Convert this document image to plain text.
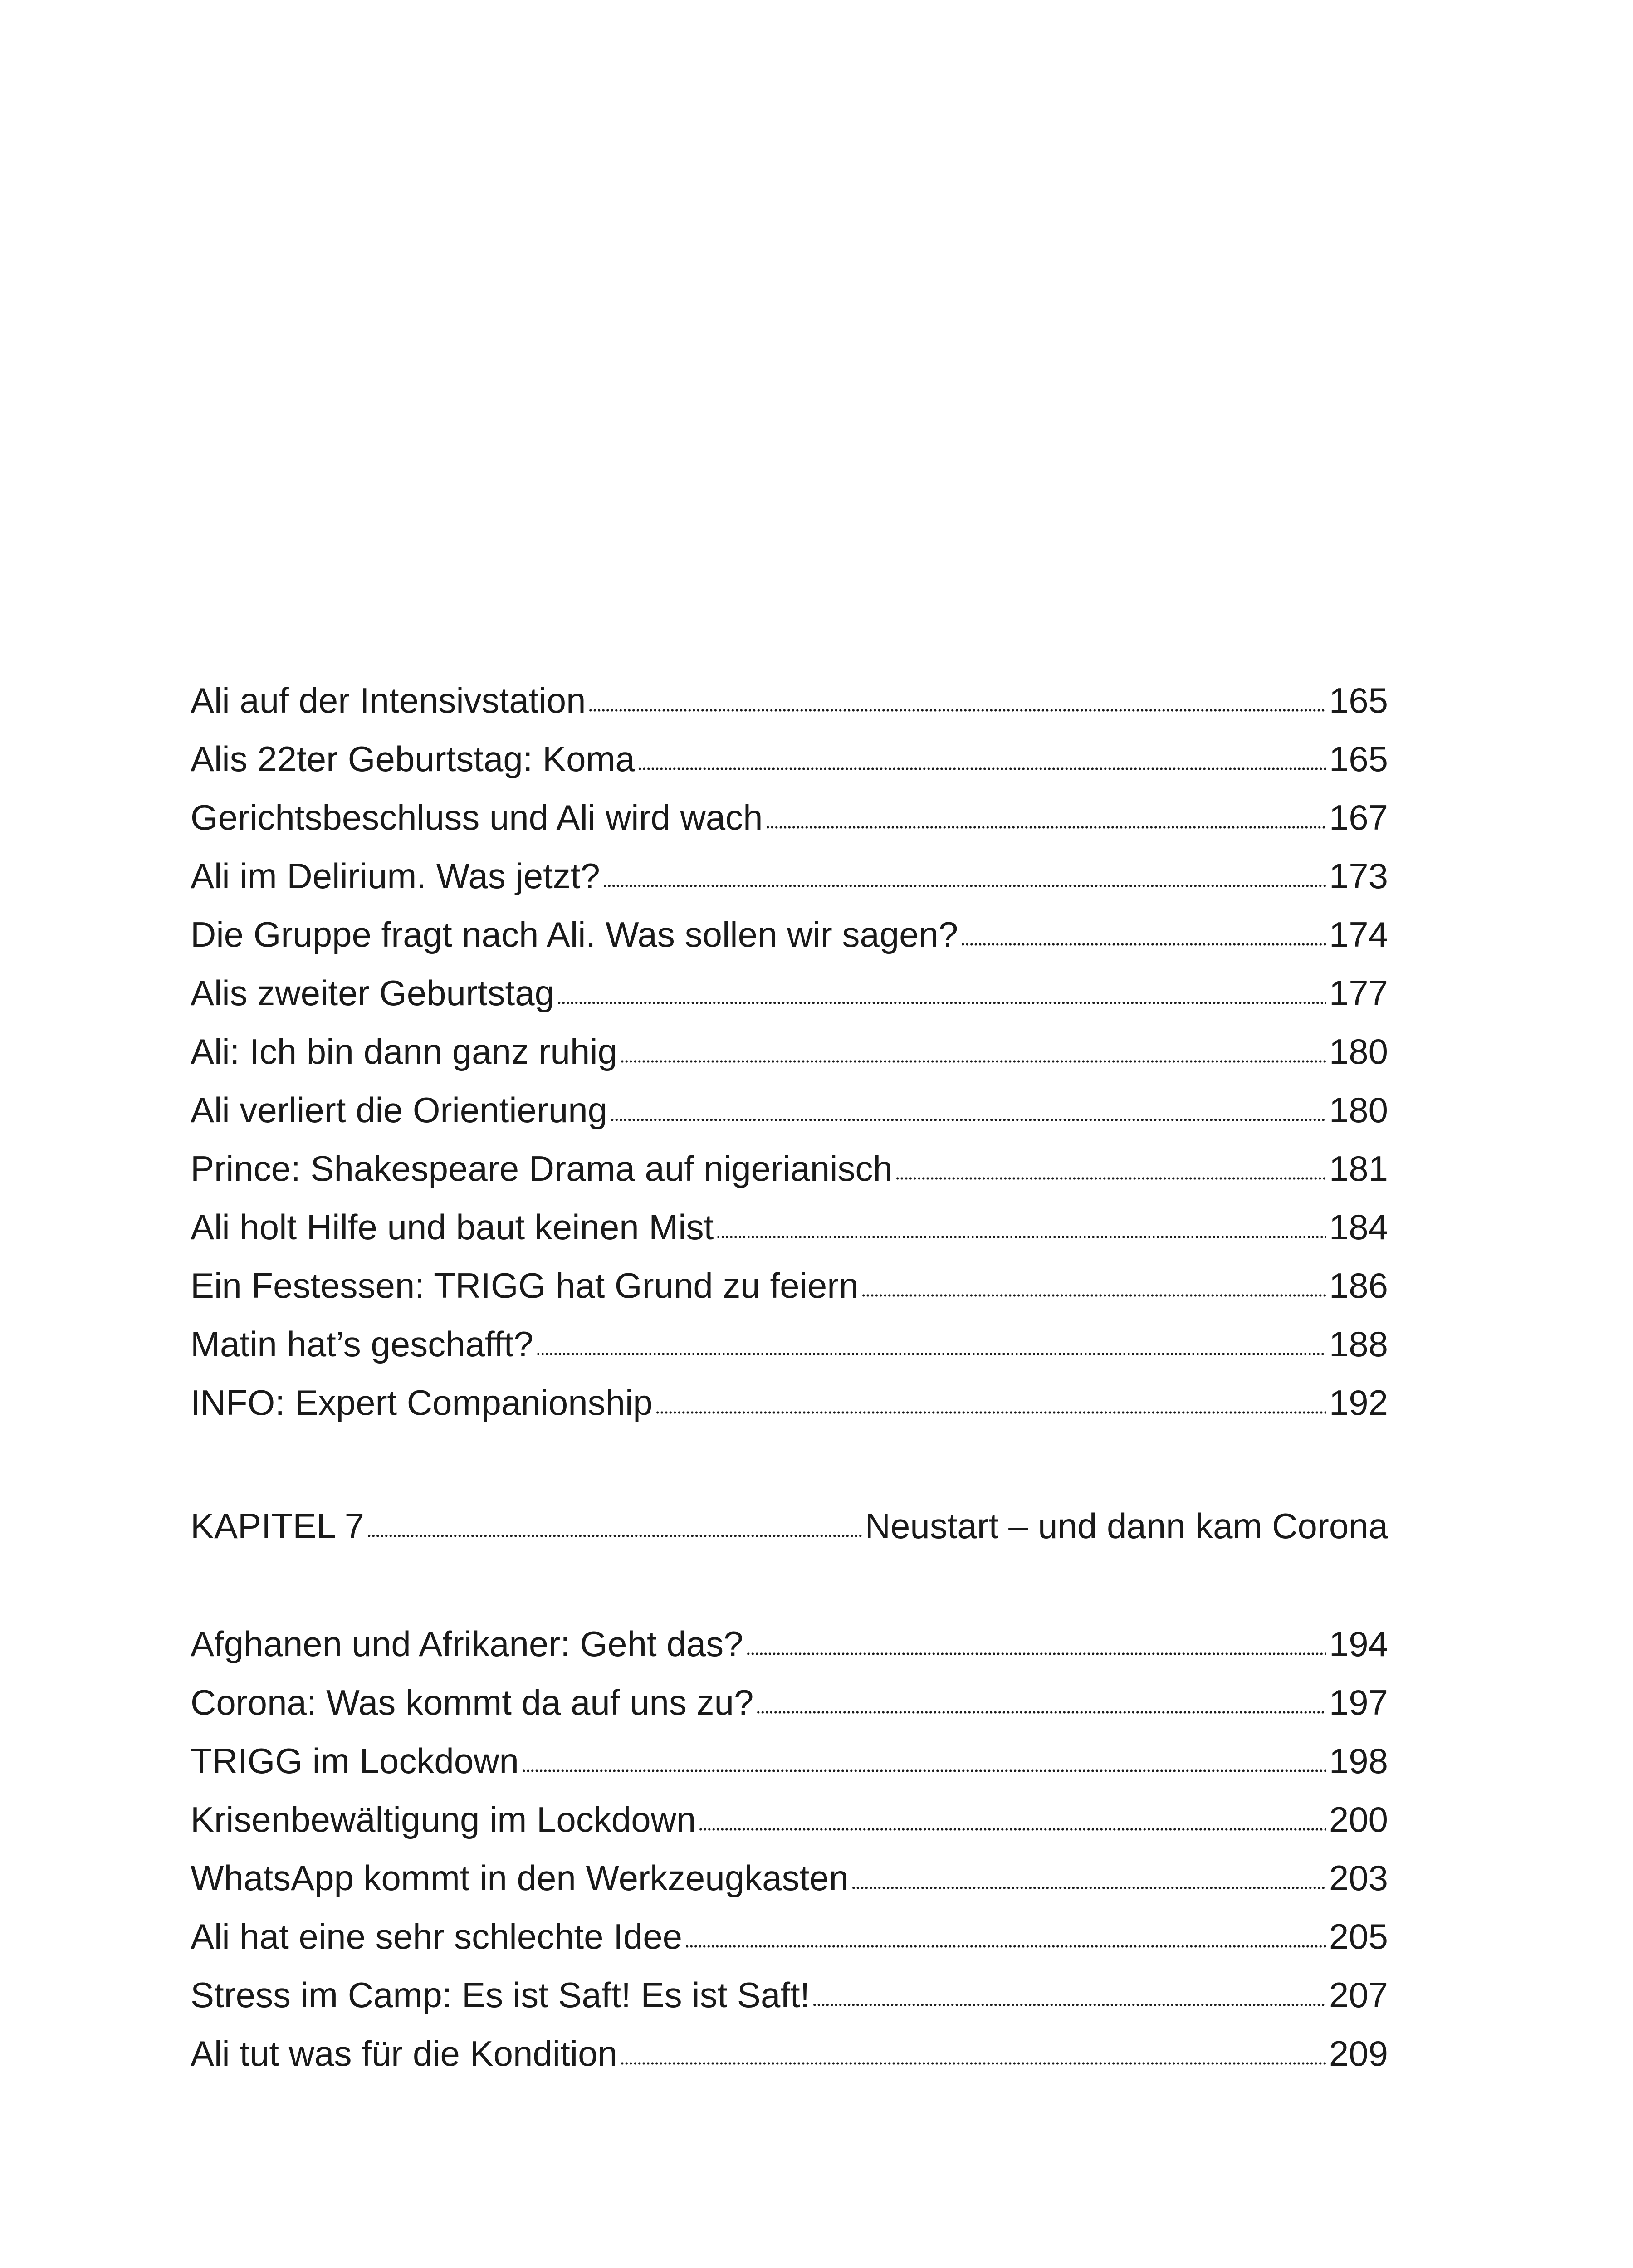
Ali auf der Intensivstation	165
Alis 22ter Geburtstag: Koma	165
Gerichtsbeschluss und Ali wird wach	167
Ali im Delirium. Was jetzt?	173
Die Gruppe fragt nach Ali. Was sollen wir sagen?	174
Alis zweiter Geburtstag	177
Ali: Ich bin dann ganz ruhig	180
Ali verliert die Orientierung	180
Prince: Shakespeare Drama auf nigerianisch	181
Ali holt Hilfe und baut keinen Mist	184
Ein Festessen: TRIGG hat Grund zu feiern	186
Matin hat’s geschafft?	188
INFO: Expert Companionship	192
KAPITEL 7	Neustart – und dann kam Corona
Afghanen und Afrikaner: Geht das?	194
Corona: Was kommt da auf uns zu?	197
TRIGG im Lockdown	198
Krisenbewältigung im Lockdown	200
WhatsApp kommt in den Werkzeugkasten	203
Ali hat eine sehr schlechte Idee	205
Stress im Camp: Es ist Saft! Es ist Saft!	207
Ali tut was für die Kondition	209
